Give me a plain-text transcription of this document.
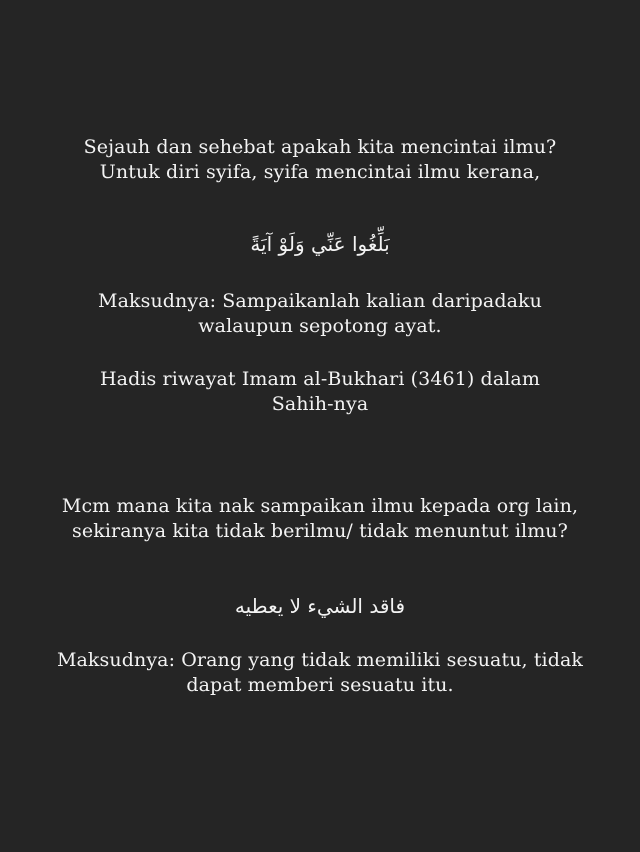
Sejauh dan sehebat apakah kita mencintai ilmu?
Untuk diri syifa, syifa mencintai ilmu kerana,
بَلِّغُوا عَنِّي وَلَوْ آيَةً
Maksudnya: Sampaikanlah kalian daripadaku
walaupun sepotong ayat.
Hadis riwayat Imam al-Bukhari (3461) dalam
Sahih-nya
Mcm mana kita nak sampaikan ilmu kepada org lain,
sekiranya kita tidak berilmu/ tidak menuntut ilmu?
فاقد الشيء لا يعطيه
Maksudnya: Orang yang tidak memiliki sesuatu, tidak
dapat memberi sesuatu itu.
